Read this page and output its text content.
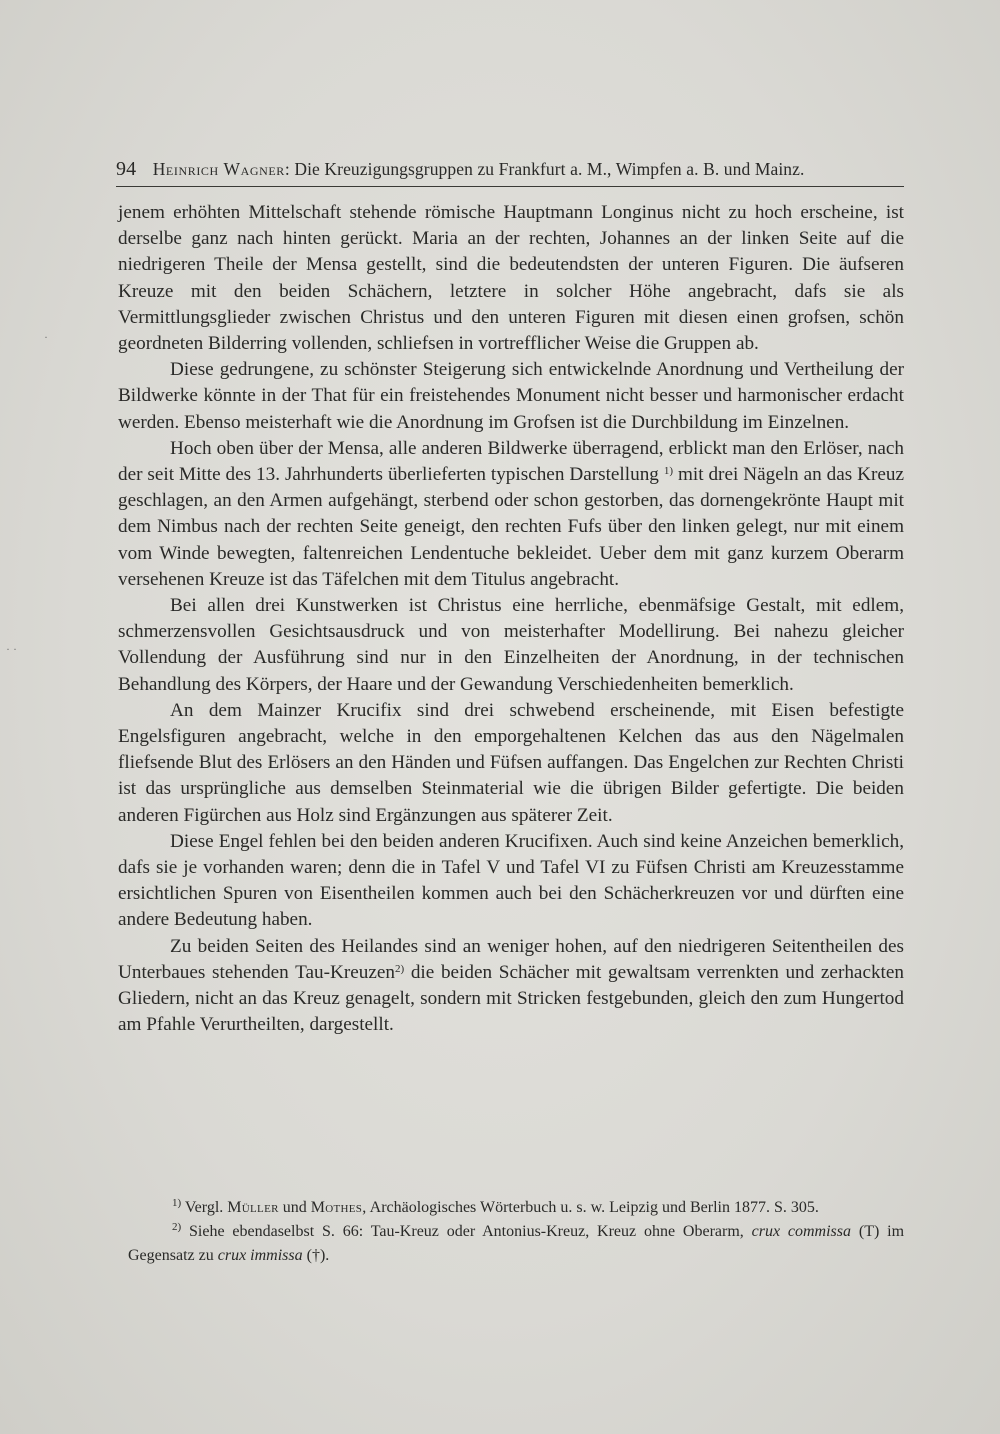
94 Heinrich Wagner: Die Kreuzigungsgruppen zu Frankfurt a. M., Wimpfen a. B. und Mainz.

jenem erhöhten Mittelschaft stehende römische Hauptmann Longinus nicht zu hoch erscheine, ist derselbe ganz nach hinten gerückt. Maria an der rechten, Johannes an der linken Seite auf die niedrigeren Theile der Mensa gestellt, sind die bedeutendsten der unteren Figuren. Die äufseren Kreuze mit den beiden Schächern, letztere in solcher Höhe angebracht, dafs sie als Vermittlungsglieder zwischen Christus und den unteren Figuren mit diesen einen grofsen, schön geordneten Bilderring vollenden, schliefsen in vortrefflicher Weise die Gruppen ab.

Diese gedrungene, zu schönster Steigerung sich entwickelnde Anordnung und Vertheilung der Bildwerke könnte in der That für ein freistehendes Monument nicht besser und harmonischer erdacht werden. Ebenso meisterhaft wie die Anordnung im Grofsen ist die Durchbildung im Einzelnen.

Hoch oben über der Mensa, alle anderen Bildwerke überragend, erblickt man den Erlöser, nach der seit Mitte des 13. Jahrhunderts überlieferten typischen Darstellung $^{1)}$ mit drei Nägeln an das Kreuz geschlagen, an den Armen aufgehängt, sterbend oder schon gestorben, das dornengekrönte Haupt mit dem Nimbus nach der rechten Seite geneigt, den rechten Fufs über den linken gelegt, nur mit einem vom Winde bewegten, faltenreichen Lendentuche bekleidet. Ueber dem mit ganz kurzem Oberarm versehenen Kreuze ist das Täfelchen mit dem Titulus angebracht.

Bei allen drei Kunstwerken ist Christus eine herrliche, ebenmäfsige Gestalt, mit edlem, schmerzensvollen Gesichtsausdruck und von meisterhafter Modellirung. Bei nahezu gleicher Vollendung der Ausführung sind nur in den Einzelheiten der Anordnung, in der technischen Behandlung des Körpers, der Haare und der Gewandung Verschiedenheiten bemerklich.

An dem Mainzer Krucifix sind drei schwebend erscheinende, mit Eisen befestigte Engelsfiguren angebracht, welche in den emporgehaltenen Kelchen das aus den Nägelmalen fliefsende Blut des Erlösers an den Händen und Füfsen auffangen. Das Engelchen zur Rechten Christi ist das ursprüngliche aus demselben Steinmaterial wie die übrigen Bilder gefertigte. Die beiden anderen Figürchen aus Holz sind Ergänzungen aus späterer Zeit.

Diese Engel fehlen bei den beiden anderen Krucifixen. Auch sind keine Anzeichen bemerklich, dafs sie je vorhanden waren; denn die in Tafel V und Tafel VI zu Füfsen Christi am Kreuzesstamme ersichtlichen Spuren von Eisentheilen kommen auch bei den Schächerkreuzen vor und dürften eine andere Bedeutung haben.

Zu beiden Seiten des Heilandes sind an weniger hohen, auf den niedrigeren Seitentheilen des Unterbaues stehenden Tau-Kreuzen$^{2)}$ die beiden Schächer mit gewaltsam verrenkten und zerhackten Gliedern, nicht an das Kreuz genagelt, sondern mit Stricken festgebunden, gleich den zum Hungertod am Pfahle Verurtheilten, dargestellt.

$^{1)}$ Vergl. Müller und Mothes, Archäologisches Wörterbuch u. s. w. Leipzig und Berlin 1877. S. 305.

$^{2)}$ Siehe ebendaselbst S. 66: Tau-Kreuz oder Antonius-Kreuz, Kreuz ohne Oberarm, crux commissa (T) im Gegensatz zu crux immissa (†).

· ·
·
